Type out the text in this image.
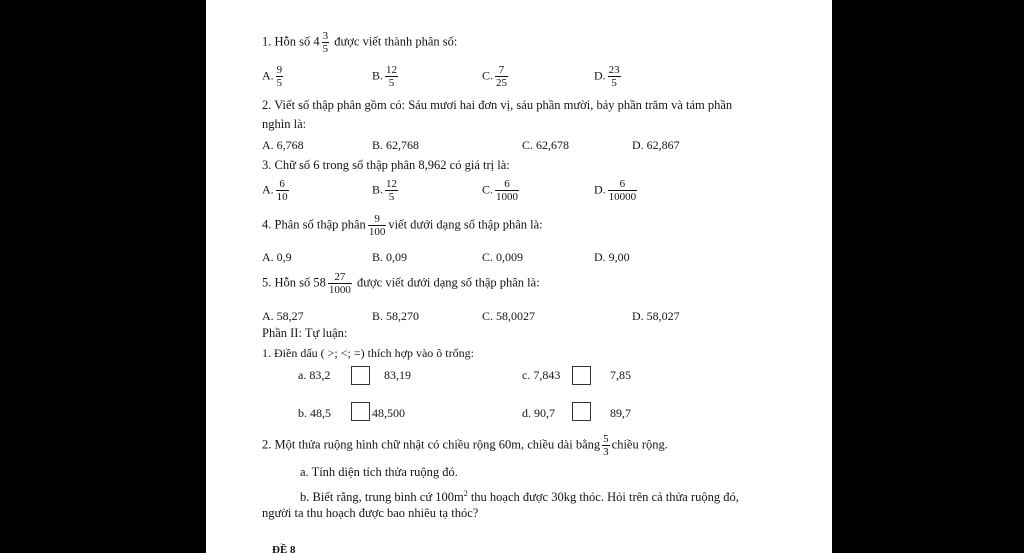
1. Hỗn số $4 \frac{3}{5}$ được viết thành phân số:
A. $\frac{9}{5}$	B. $\frac{12}{5}$	C. $\frac{7}{25}$	D. $\frac{23}{5}$
2. Viết số thập phân gồm có: Sáu mươi hai đơn vị, sáu phần mười, bảy phần trăm và tám phần
nghìn là:
A. 6,768	B. 62,768	C. 62,678	D. 62,867
3. Chữ số 6 trong số thập phân 8,962 có giá trị là:
A. $\frac{6}{10}$	B. $\frac{12}{5}$	C. $\frac{6}{1000}$	D. $\frac{6}{10000}$
4. Phân số thập phân $\frac{9}{100}$ viết dưới dạng số thập phân là:
A. 0,9	B. 0,09	C. 0,009	D. 9,00
5. Hỗn số $58 \frac{27}{1000}$ được viết dưới dạng số thập phân là:
A. 58,27	B. 58,270	C. 58,0027	D. 58,027
Phần II: Tự luận:
1. Điền dấu ( >; <; =) thích hợp vào ô trống:
a. 83,2	83,19	c. 7,843	7,85
b. 48,5	48,500	d. 90,7	89,7
2. Một thửa ruộng hình chữ nhật có chiều rộng 60m, chiều dài bằng $\frac{5}{3}$ chiều rộng.
a. Tính diện tích thửa ruộng đó.
b. Biết rằng, trung bình cứ $100m^2$ thu hoạch được 30kg thóc. Hỏi trên cả thửa ruộng đó,
người ta thu hoạch được bao nhiêu tạ thóc?
ĐỀ 8
